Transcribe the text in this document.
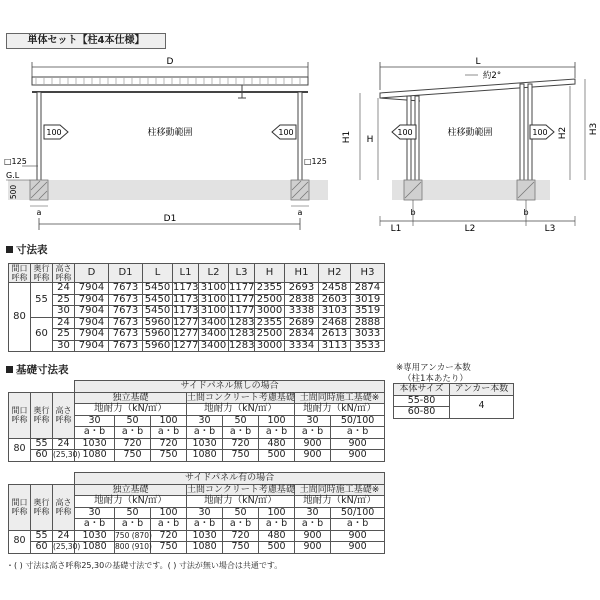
単体セット【柱4本仕様】
D
100	100
柱移動範囲
□125	□125
G.L
500
a	a
D1
L
約2°
H1 H
H2 H3
100	100
柱移動範囲
b	b
L1	L2	L3
寸法表
間口
呼称	奥行
呼称	高さ
呼称	D	D1	L	L1	L2	L3	H	H1	H2	H3
80	55	24	7904	7673	5450	1173	3100	1177	2355	2693	2458	2874
		25	7904	7673	5450	1173	3100	1177	2500	2838	2603	3019
		30	7904	7673	5450	1173	3100	1177	3000	3338	3103	3519
	60	24	7904	7673	5960	1277	3400	1283	2355	2689	2468	2888
		25	7904	7673	5960	1277	3400	1283	2500	2834	2613	3033
		30	7904	7673	5960	1277	3400	1283	3000	3334	3113	3533
基礎寸法表	※専用アンカー本数
（柱1本あたり）
本体サイズ	アンカー本数
55-80	4
60-80	
			サイドパネル無しの場合							
間口
呼称	奥行
呼称	高さ
呼称	独立基礎			土間コンクリート考慮基礎			土間同時施工基礎※	
			地耐力（kN/㎡）			地耐力（kN/㎡）			地耐力（kN/㎡）	
			30	50	100	30	50	100	30	50/100
			a・b	a・b	a・b	a・b	a・b	a・b	a・b	a・b
80	55	24	1030	720	720	1030	720	480	900	900
	60	(25,30)	1080	750	750	1080	750	500	900	900
			サイドパネル有の場合							
間口
呼称	奥行
呼称	高さ
呼称	独立基礎			土間コンクリート考慮基礎			土間同時施工基礎※	
			地耐力（kN/㎡）			地耐力（kN/㎡）			地耐力（kN/㎡）	
			30	50	100	30	50	100	30	50/100
			a・b	a・b	a・b	a・b	a・b	a・b	a・b	a・b
80	55	24	1030	750 (870)	720	1030	720	480	900	900
	60	(25,30)	1080	800 (910)	750	1080	750	500	900	900
・( ) 寸法は高さ呼称25,30の基礎寸法です。( ) 寸法が無い場合は共通です。
